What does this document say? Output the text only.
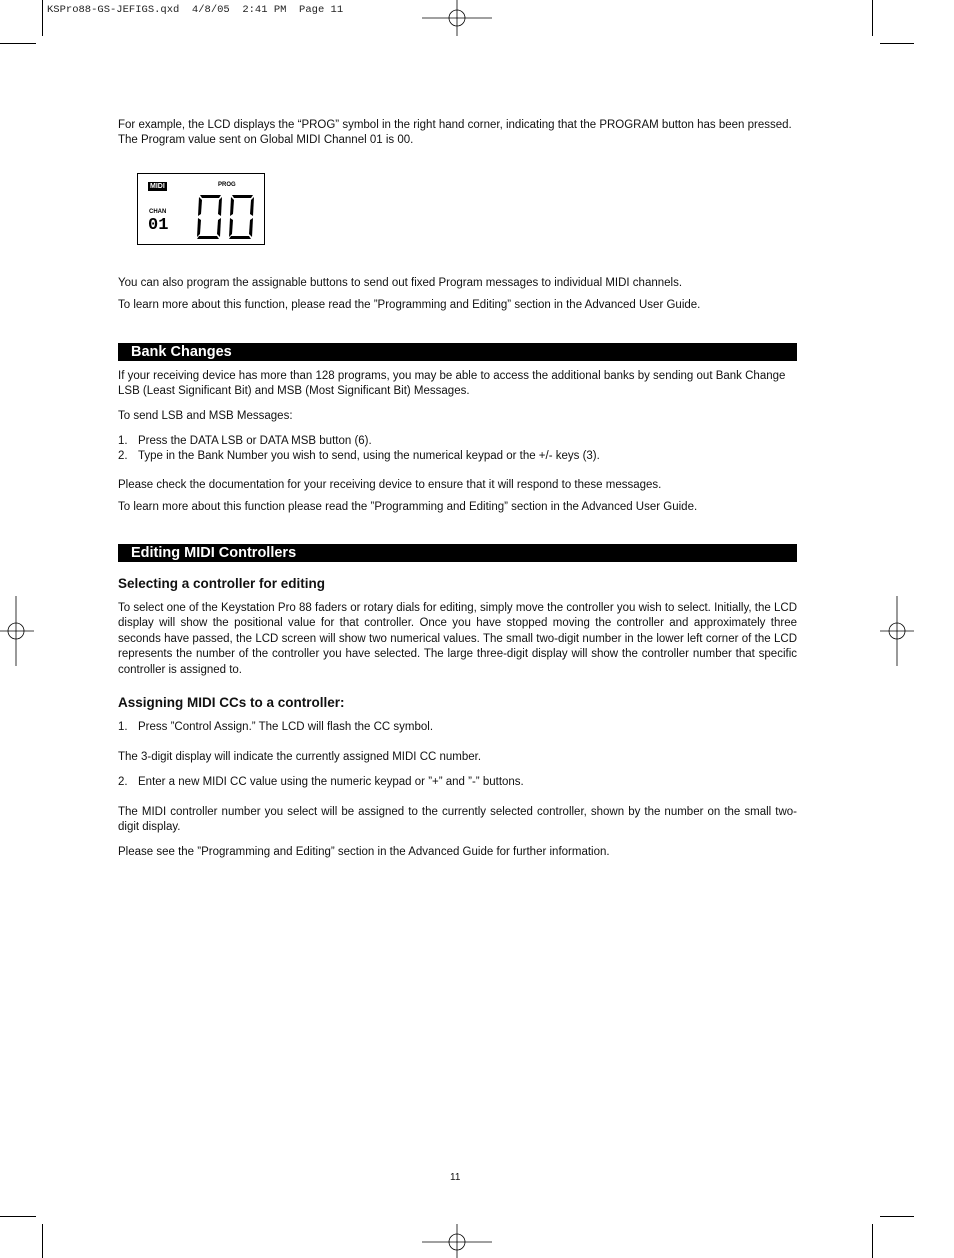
KSPro88-GS-JEFIGS.qxd  4/8/05  2:41 PM  Page 11

For example, the LCD displays the “PROG” symbol in the right hand corner, indicating that the PROGRAM button has been pressed.

The Program value sent on Global MIDI Channel 01 is 00.

MIDI	PROG
CHAN
01

You can also program the assignable buttons to send out fixed Program messages to individual MIDI channels.

To learn more about this function, please read the ”Programming and Editing” section in the Advanced User Guide.

Bank Changes

If your receiving device has more than 128 programs, you may be able to access the additional banks by sending out Bank Change LSB (Least Significant Bit) and MSB (Most Significant Bit) Messages.

To send LSB and MSB Messages:

1. Press the DATA LSB or DATA MSB button (6).
2. Type in the Bank Number you wish to send, using the numerical keypad or the +/- keys (3).

Please check the documentation for your receiving device to ensure that it will respond to these messages.

To learn more about this function please read the ”Programming and Editing” section in the Advanced User Guide.

Editing MIDI Controllers
Selecting a controller for editing

To select one of the Keystation Pro 88 faders or rotary dials for editing, simply move the controller you wish to select. Initially, the LCD display will show the positional value for that controller. Once you have stopped moving the controller and approximately three seconds have passed, the LCD screen will show two numerical values. The small two-digit number in the lower left corner of the LCD represents the number of the controller you have selected. The large three-digit display will show the controller number that specific controller is assigned to.

Assigning MIDI CCs to a controller:
1. Press ”Control Assign.” The LCD will flash the CC symbol.

The 3-digit display will indicate the currently assigned MIDI CC number.

2. Enter a new MIDI CC value using the numeric keypad or ”+” and ”-” buttons.

The MIDI controller number you select will be assigned to the currently selected controller, shown by the number on the small two-digit display.

Please see the ”Programming and Editing” section in the Advanced Guide for further information.

11
